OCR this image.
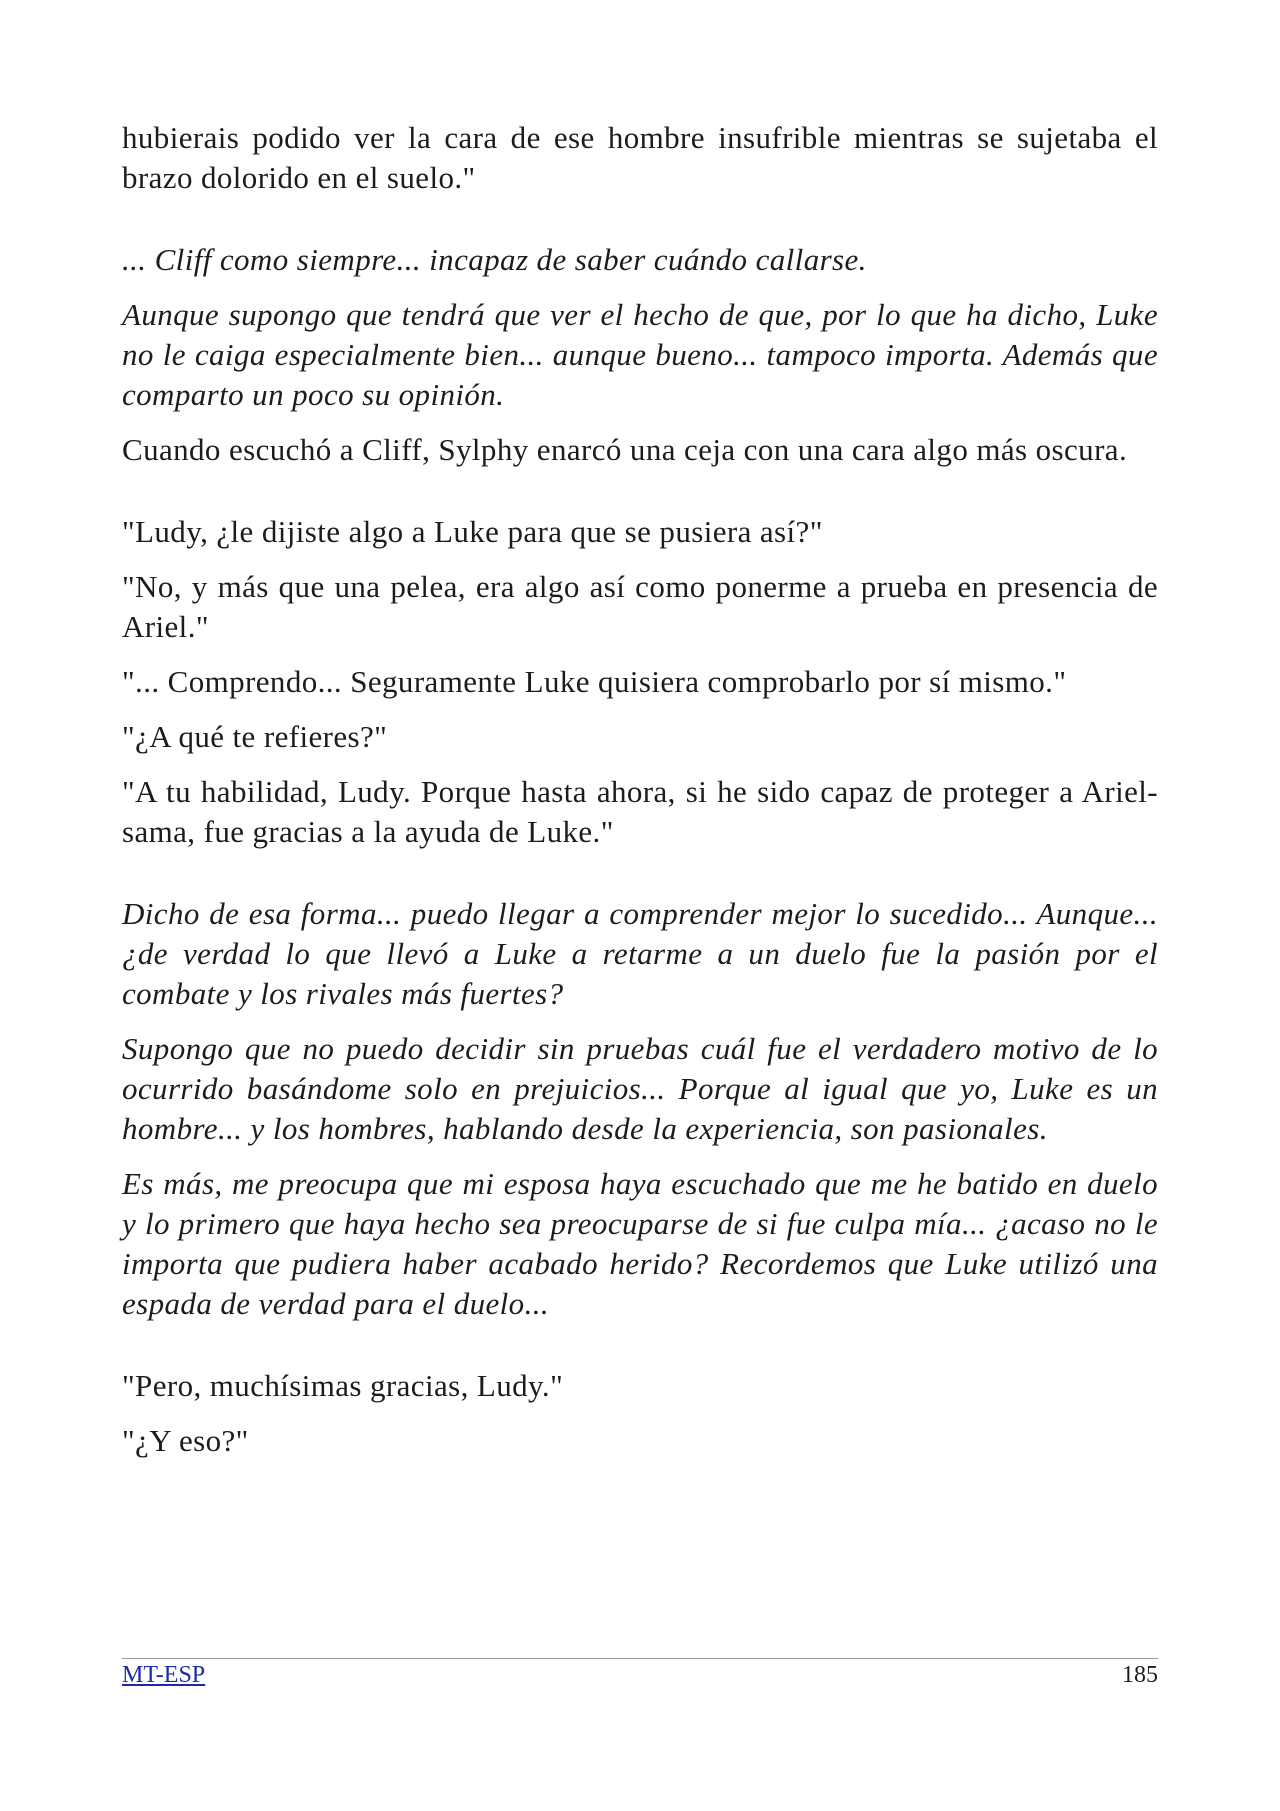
hubierais podido ver la cara de ese hombre insufrible mientras se sujetaba el brazo dolorido en el suelo."

... Cliff como siempre... incapaz de saber cuándo callarse.

Aunque supongo que tendrá que ver el hecho de que, por lo que ha dicho, Luke no le caiga especialmente bien... aunque bueno... tampoco importa. Además que comparto un poco su opinión.

Cuando escuchó a Cliff, Sylphy enarcó una ceja con una cara algo más oscura.

"Ludy, ¿le dijiste algo a Luke para que se pusiera así?"

"No, y más que una pelea, era algo así como ponerme a prueba en presencia de Ariel."

"... Comprendo... Seguramente Luke quisiera comprobarlo por sí mismo."

"¿A qué te refieres?"

"A tu habilidad, Ludy. Porque hasta ahora, si he sido capaz de proteger a Ariel-sama, fue gracias a la ayuda de Luke."

Dicho de esa forma... puedo llegar a comprender mejor lo sucedido... Aunque... ¿de verdad lo que llevó a Luke a retarme a un duelo fue la pasión por el combate y los rivales más fuertes?

Supongo que no puedo decidir sin pruebas cuál fue el verdadero motivo de lo ocurrido basándome solo en prejuicios... Porque al igual que yo, Luke es un hombre... y los hombres, hablando desde la experiencia, son pasionales.

Es más, me preocupa que mi esposa haya escuchado que me he batido en duelo y lo primero que haya hecho sea preocuparse de si fue culpa mía... ¿acaso no le importa que pudiera haber acabado herido? Recordemos que Luke utilizó una espada de verdad para el duelo...

"Pero, muchísimas gracias, Ludy."

"¿Y eso?"

MT-ESP	185
